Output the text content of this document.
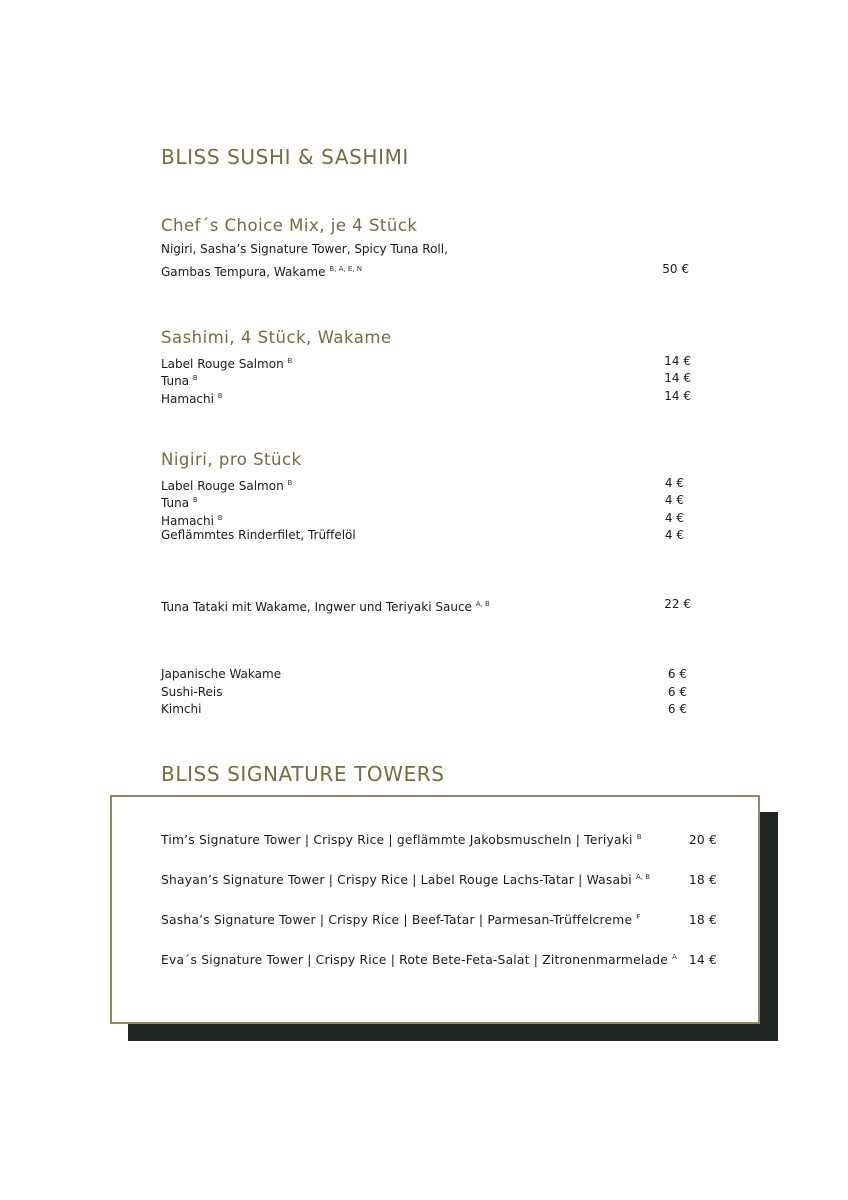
BLISS SUSHI & SASHIMI
Chef´s Choice Mix, je 4 Stück
Nigiri, Sasha’s Signature Tower, Spicy Tuna Roll,
Gambas Tempura, Wakame $^{B, A, E, N}$	50 €
Sashimi, 4 Stück, Wakame
Label Rouge Salmon $^B$	14 €
Tuna $^B$	14 €
Hamachi $^B$	14 €
Nigiri, pro Stück
Label Rouge Salmon $^B$	4 €
Tuna $^B$	4 €
Hamachi $^B$	4 €
Geflämmtes Rinderfilet, Trüffelöl	4 €
Tuna Tataki mit Wakame, Ingwer und Teriyaki Sauce $^{A, B}$	22 €
Japanische Wakame	6 €
Sushi-Reis	6 €
Kimchi	6 €
BLISS SIGNATURE TOWERS
Tim’s Signature Tower | Crispy Rice | geflämmte Jakobsmuscheln | Teriyaki $^B$	20 €
Shayan’s Signature Tower | Crispy Rice | Label Rouge Lachs-Tatar | Wasabi $^{A, B}$	18 €
Sasha’s Signature Tower | Crispy Rice | Beef-Tatar | Parmesan-Trüffelcreme $^F$	18 €
Eva´s Signature Tower | Crispy Rice | Rote Bete-Feta-Salat | Zitronenmarmelade $^A$ 14 €
